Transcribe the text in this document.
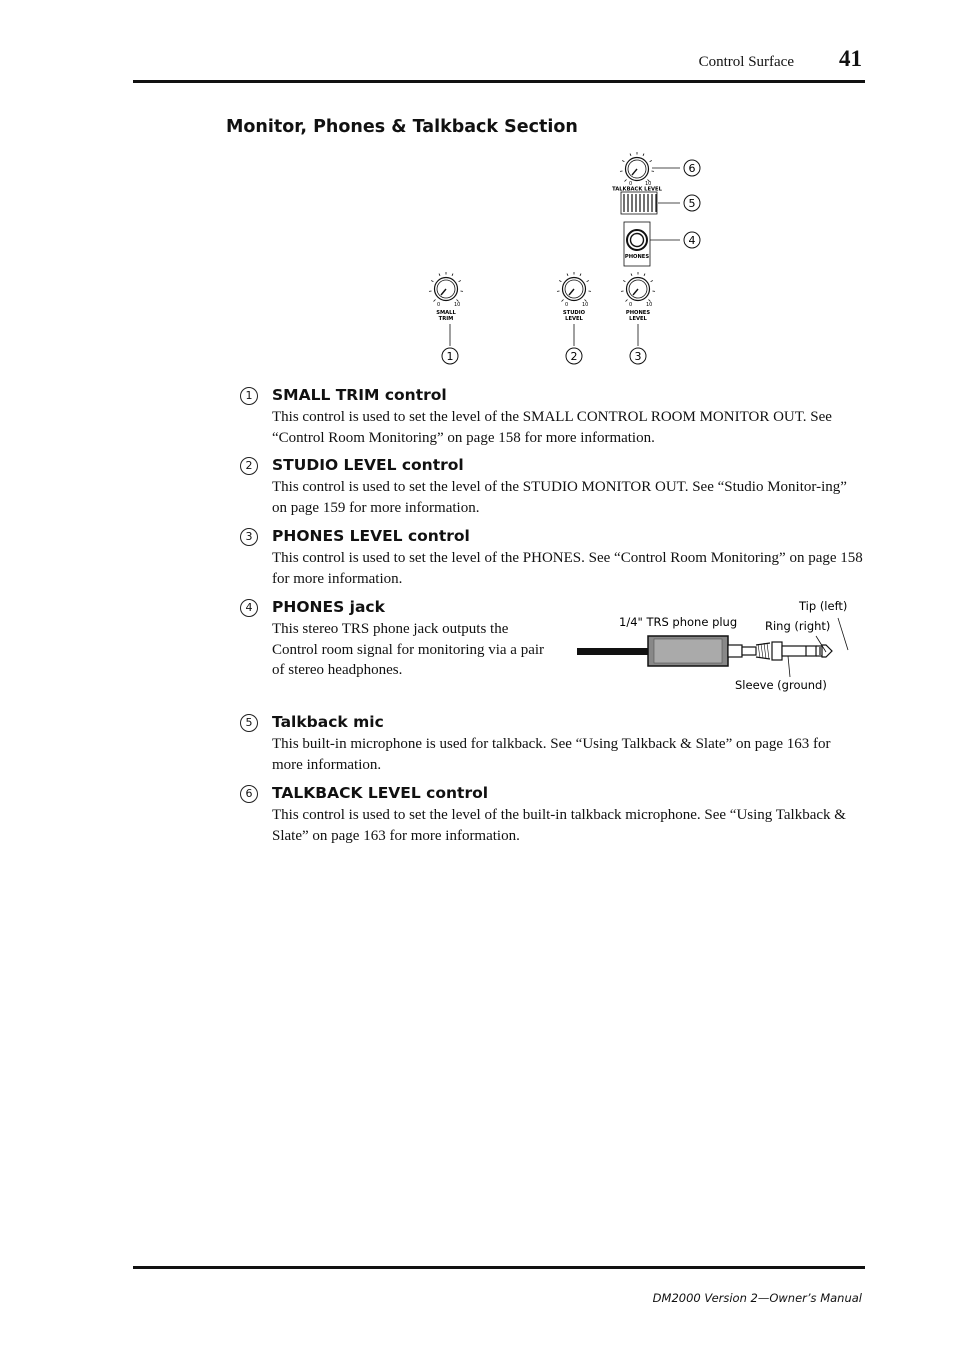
Control Surface 41
Monitor, Phones & Talkback Section
0	10
TALKBACK LEVEL
6
5
PHONES
4
0	10
SMALL
TRIM
1
0	10
STUDIO
LEVEL
2
0	10
PHONES
LEVEL
3
1	SMALL TRIM control
This control is used to set the level of the SMALL CONTROL ROOM MONITOR OUT. See “Control Room Monitoring” on page 158 for more information.
2	STUDIO LEVEL control
This control is used to set the level of the STUDIO MONITOR OUT. See “Studio Monitor-ing” on page 159 for more information.
3	PHONES LEVEL control
This control is used to set the level of the PHONES. See “Control Room Monitoring” on page 158 for more information.
4	PHONES jack
This stereo TRS phone jack outputs the Control room signal for monitoring via a pair of stereo headphones.
1/4" TRS phone plug
Tip (left)
Ring (right)
Sleeve (ground)
5	Talkback mic
This built-in microphone is used for talkback. See “Using Talkback & Slate” on page 163 for more information.
6	TALKBACK LEVEL control
This control is used to set the level of the built-in talkback microphone. See “Using Talkback & Slate” on page 163 for more information.
DM2000 Version 2—Owner’s Manual
